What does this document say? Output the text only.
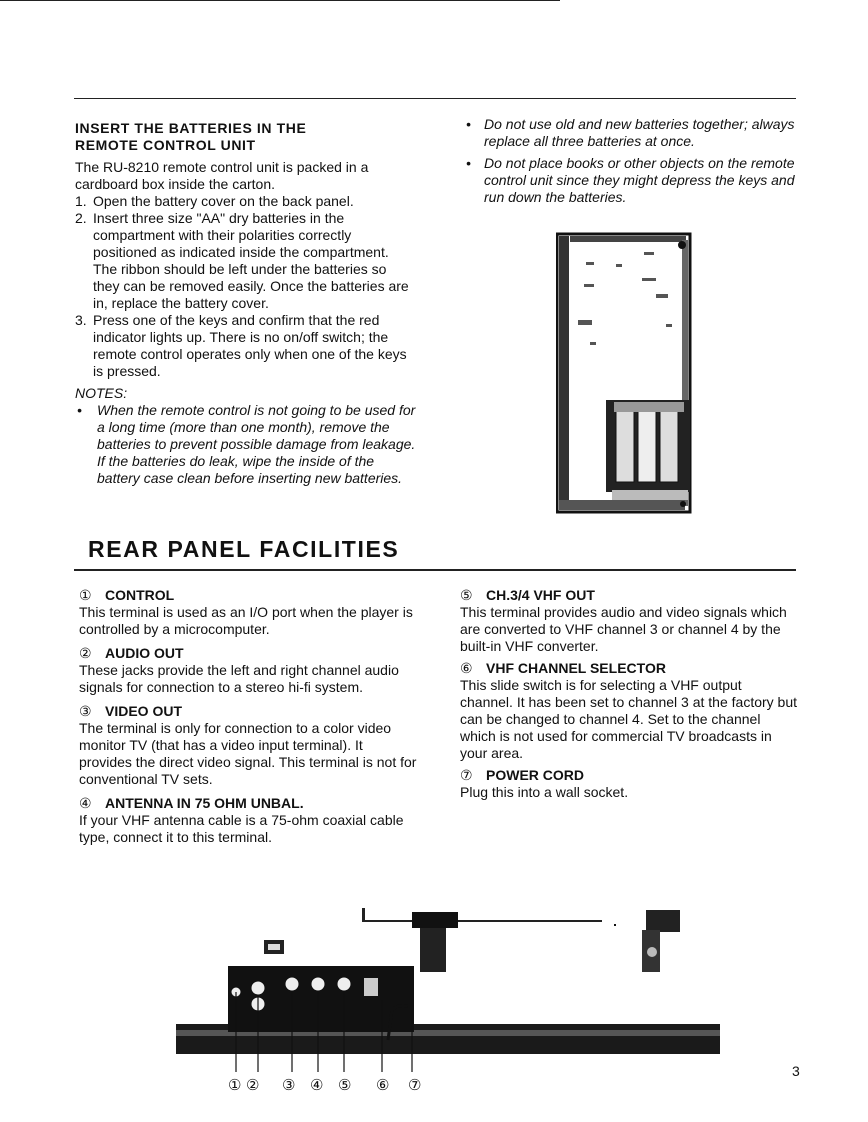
INSERT THE BATTERIES IN THE
REMOTE CONTROL UNIT
The RU-8210 remote control unit is packed in a cardboard box inside the carton.
1. Open the battery cover on the back panel.
2. Insert three size "AA" dry batteries in the compartment with their polarities correctly positioned as indicated inside the compartment. The ribbon should be left under the batteries so they can be removed easily. Once the batteries are in, replace the battery cover.
3. Press one of the keys and confirm that the red indicator lights up. There is no on/off switch; the remote control operates only when one of the keys is pressed.
NOTES:
• When the remote control is not going to be used for a long time (more than one month), remove the batteries to prevent possible damage from leakage. If the batteries do leak, wipe the inside of the battery case clean before inserting new batteries.
• Do not use old and new batteries together; always replace all three batteries at once.
• Do not place books or other objects on the remote control unit since they might depress the keys and run down the batteries.
REAR PANEL FACILITIES
① CONTROL
This terminal is used as an I/O port when the player is controlled by a microcomputer.
② AUDIO OUT
These jacks provide the left and right channel audio signals for connection to a stereo hi-fi system.
③ VIDEO OUT
The terminal is only for connection to a color video monitor TV (that has a video input terminal). It provides the direct video signal. This terminal is not for conventional TV sets.
④ ANTENNA IN 75 OHM UNBAL.
If your VHF antenna cable is a 75-ohm coaxial cable type, connect it to this terminal.
⑤ CH.3/4 VHF OUT
This terminal provides audio and video signals which are converted to VHF channel 3 or channel 4 by the built-in VHF converter.
⑥ VHF CHANNEL SELECTOR
This slide switch is for selecting a VHF output channel. It has been set to channel 3 at the factory but can be changed to channel 4. Set to the channel which is not used for commercial TV broadcasts in your area.
⑦ POWER CORD
Plug this into a wall socket.
① ② ③ ④ ⑤ ⑥ ⑦
3
